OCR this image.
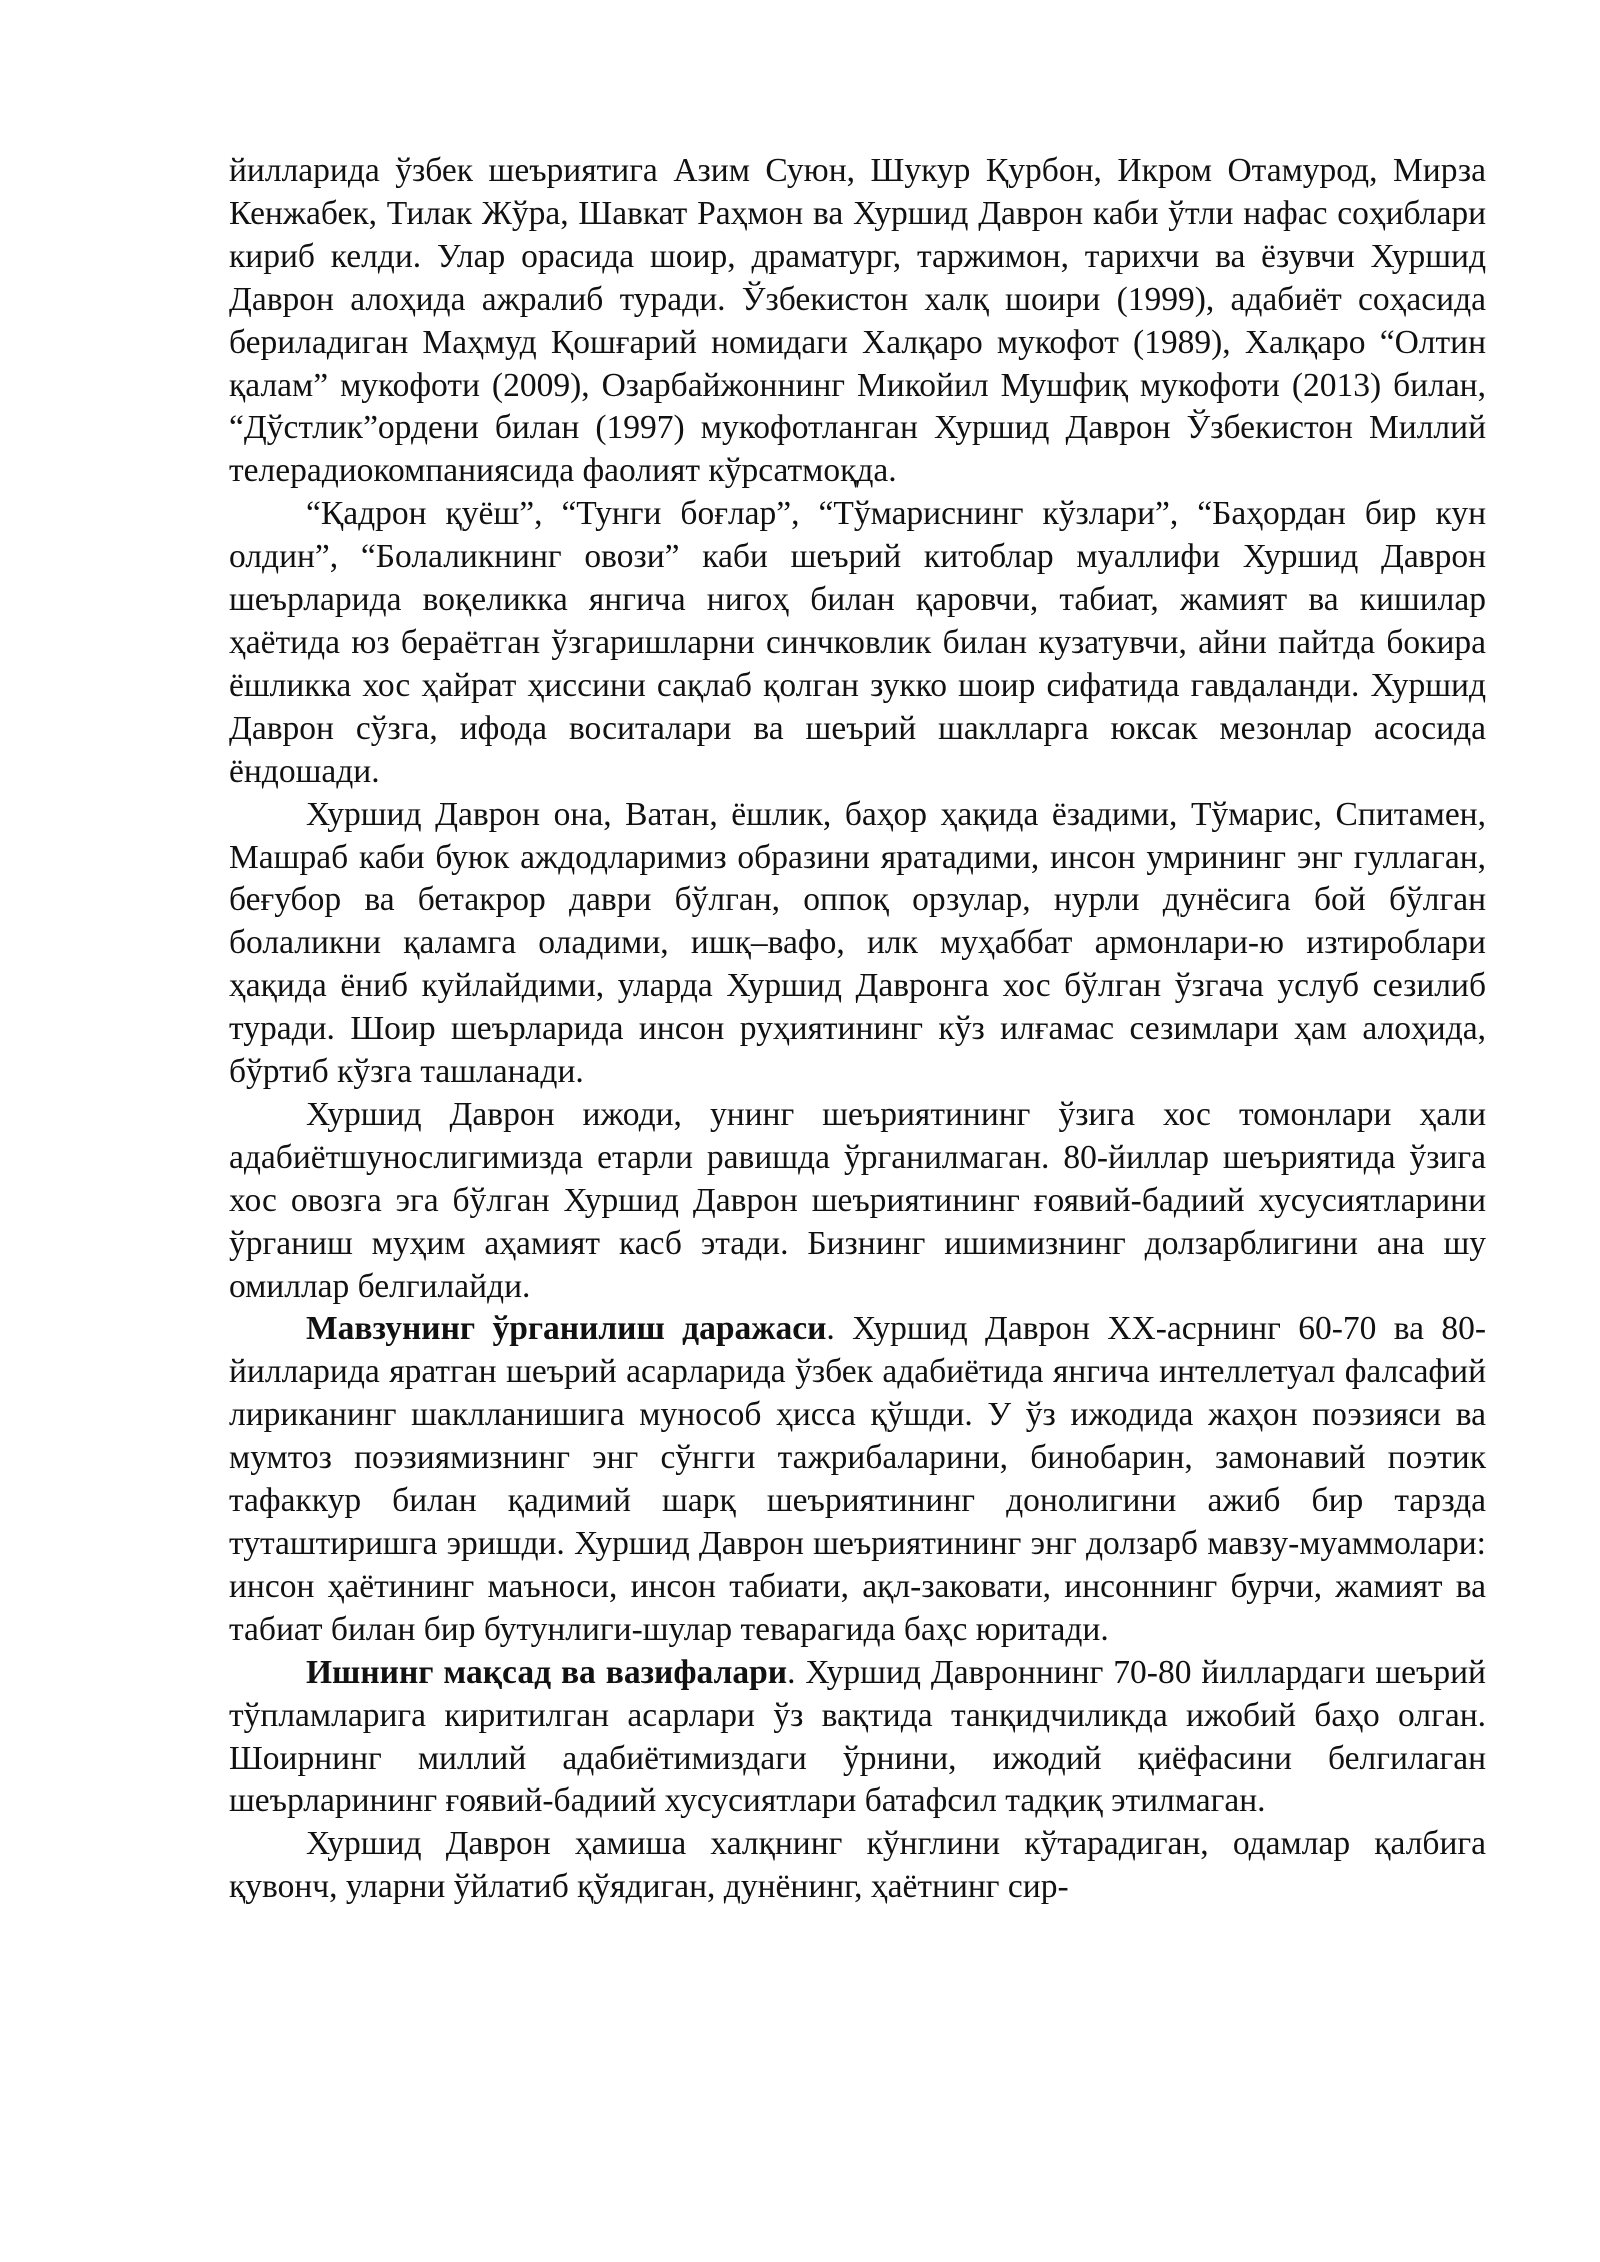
йилларида ўзбек шеъриятига Азим Суюн, Шукур Қурбон, Икром Отамурод, Мирза Кенжабек, Тилак Жўра, Шавкат Раҳмон ва Хуршид Даврон каби ўтли нафас соҳиблари кириб келди. Улар орасида шоир, драматург, таржимон, тарихчи ва ёзувчи Хуршид Даврон алоҳида ажралиб туради. Ўзбекистон халқ шоири (1999), адабиёт соҳасида бериладиган Маҳмуд Қошғарий номидаги Халқаро мукофот (1989), Халқаро “Олтин қалам” мукофоти (2009), Озарбайжоннинг Микойил Мушфиқ мукофоти (2013) билан, “Дўстлик”ордени билан (1997) мукофотланган Хуршид Даврон Ўзбекистон Миллий телерадиокомпаниясида фаолият кўрсатмоқда.

“Қадрон қуёш”, “Тунги боғлар”, “Тўмариснинг кўзлари”, “Баҳордан бир кун олдин”, “Болаликнинг овози” каби шеърий китоблар муаллифи Хуршид Даврон шеърларида воқеликка янгича нигоҳ билан қаровчи, табиат, жамият ва кишилар ҳаётида юз бераётган ўзгаришларни синчковлик билан кузатувчи, айни пайтда бокира ёшликка хос ҳайрат ҳиссини сақлаб қолган зукко шоир сифатида гавдаланди. Хуршид Даврон сўзга, ифода воситалари ва шеърий шаклларга юксак мезонлар асосида ёндошади.

Хуршид Даврон она, Ватан, ёшлик, баҳор ҳақида ёзадими, Тўмарис, Спитамен, Машраб каби буюк аждодларимиз образини яратадими, инсон умрининг энг гуллаган, беғубор ва бетакрор даври бўлган, оппоқ орзулар, нурли дунёсига бой бўлган болаликни қаламга оладими, ишқ–вафо, илк муҳаббат армонлари-ю изтироблари ҳақида ёниб куйлайдими, уларда Хуршид Давронга хос бўлган ўзгача услуб сезилиб туради. Шоир шеърларида инсон руҳиятининг кўз илғамас сезимлари ҳам алоҳида, бўртиб кўзга ташланади.

Хуршид Даврон ижоди, унинг шеъриятининг ўзига хос томонлари ҳали адабиётшунослигимизда етарли равишда ўрганилмаган. 80-йиллар шеъриятида ўзига хос овозга эга бўлган Хуршид Даврон шеъриятининг ғоявий-бадиий хусусиятларини ўрганиш муҳим аҳамият касб этади. Бизнинг ишимизнинг долзарблигини ана шу омиллар белгилайди.

Мавзунинг ўрганилиш даражаси. Хуршид Даврон ХХ-асрнинг 60-70 ва 80-йилларида яратган шеърий асарларида ўзбек адабиётида янгича интеллетуал фалсафий лириканинг шаклланишига мунособ ҳисса қўшди. У ўз ижодида жаҳон поэзияси ва мумтоз поэзиямизнинг энг сўнгги тажрибаларини, бинобарин, замонавий поэтик тафаккур билан қадимий шарқ шеъриятининг донолигини ажиб бир тарзда туташтиришга эришди. Хуршид Даврон шеъриятининг энг долзарб мавзу-муаммолари: инсон ҳаётининг маъноси, инсон табиати, ақл-заковати, инсоннинг бурчи, жамият ва табиат билан бир бутунлиги-шулар теварагида баҳс юритади.

Ишнинг мақсад ва вазифалари. Хуршид Давроннинг 70-80 йиллардаги шеърий тўпламларига киритилган асарлари ўз вақтида танқидчиликда ижобий баҳо олган. Шоирнинг миллий адабиётимиздаги ўрнини, ижодий қиёфасини белгилаган шеърларининг ғоявий-бадиий хусусиятлари батафсил тадқиқ этилмаган.

Хуршид Даврон ҳамиша халқнинг кўнглини кўтарадиган, одамлар қалбига қувонч, уларни ўйлатиб қўядиган, дунёнинг, ҳаётнинг сир-
